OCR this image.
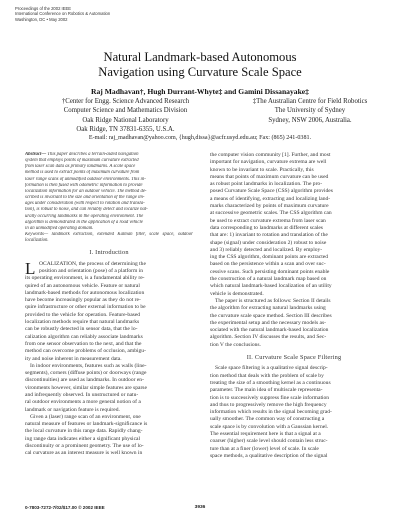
Proceedings of the 2002 IEEE
International Conference on Robotics & Automation
Washington, DC • May 2002
Natural Landmark-based Autonomous
Navigation using Curvature Scale Space
Raj Madhavan†, Hugh Durrant-Whyte‡ and Gamini Dissanayake‡
†Center for Engg. Science Advanced Research
Computer Science and Mathematics Division
Oak Ridge National Laboratory
Oak Ridge, TN 37831-6355, U.S.A.
‡The Australian Centre for Field Robotics
The University of Sydney
Sydney, NSW 2006, Australia.
E-mail: raj_madhavan@yahoo.com, {hugh,dissa}@acfr.usyd.edu.au; Fax: (865) 241-0381.

Abstract— This paper describes a terrain-aided navigation

system that employs points of maximum curvature extracted

from laser scan data as primary landmarks. A scale space

method is used to extract points of maximum curvature from

laser range scans of unmodified outdoor environments. This in-

formation is then fused with odometric information to provide

localization information for an outdoor vehicle. The method de-

scribed is invariant to the size and orientation of the range im-

ages under consideration (with respect to rotation and transla-

tion), is robust to noise, and can reliably detect and localize nat-

urally occurring landmarks in the operating environment. The

algorithm is demonstrated in the application of a road vehicle

in an unmodified operating domain.

Keywords— landmark extraction, extended Kalman filter, scale space, outdoor localization.

I. Introduction
L OCALIZATION, the process of determining the

position and orientation (pose) of a platform in

its operating environment, is a fundamental ability re-

quired of an autonomous vehicle. Feature or natural

landmark-based methods for autonomous localization

have become increasingly popular as they do not re-

quire infrastructure or other external information to be

provided to the vehicle for operation. Feature-based

localization methods require that natural landmarks

can be robustly detected in sensor data, that the lo-

calization algorithm can reliably associate landmarks

from one sensor observation to the next, and that the

method can overcome problems of occlusion, ambigu-

ity and noise inherent in measurement data.

In indoor environments, features such as walls (line-

segments), corners (diffuse points) or doorways (range

discontinuities) are used as landmarks. In outdoor en-

vironments however, similar simple features are sparse

and infrequently observed. In unstructured or natu-

ral outdoor environments a more general notion of a

landmark or navigation feature is required.

Given a (laser) range scan of an environment, one

natural measure of features or landmark-significance is

the local curvature in this range data. Rapidly chang-

ing range data indicates either a significant physical

discontinuity or a prominent geometry. The use of lo-

cal curvature as an interest measure is well known in

the computer vision community [1]. Further, and most

important for navigation, curvature extrema are well

known to be invariant to scale. Practically, this

means that points of maximum curvature can be used

as robust point landmarks in localization. The pro-

posed Curvature Scale Space (CSS) algorithm provides

a means of identifying, extracting and localizing land-

marks characterized by points of maximum curvature

at successive geometric scales. The CSS algorithm can

be used to extract curvature extrema from laser scan

data corresponding to landmarks at different scales

that are: 1) invariant to rotation and translation of the

shape (signal) under consideration 2) robust to noise

and 3) reliably detected and localized. By employ-

ing the CSS algorithm, dominant points are extracted

based on the persistence within a scan and over suc-

cessive scans. Such persisting dominant points enable

the construction of a natural landmark map based on

which natural landmark-based localization of an utility

vehicle is demonstrated.

The paper is structured as follows: Section II details

the algorithm for extracting natural landmarks using

the curvature scale space method. Section III describes

the experimental setup and the necessary models as-

sociated with the natural landmark-based localization

algorithm. Section IV discusses the results, and Sec-

tion V the conclusions.

II. Curvature Scale Space Filtering

Scale space filtering is a qualitative signal descrip-

tion method that deals with the problem of scale by

treating the size of a smoothing kernel as a continuous

parameter. The main idea of multiscale representa-

tion is to successively suppress fine scale information

and thus to progressively remove the high frequency

information which results in the signal becoming grad-

ually smoother. The common way of constructing a

scale space is by convolution with a Gaussian kernel.

The essential requirement here is that a signal at a

coarser (higher) scale level should contain less struc-

ture than at a finer (lower) level of scale. In scale

space methods, a qualitative description of the signal

0-7803-7272-7/02/$17.00 © 2002 IEEE	3936
